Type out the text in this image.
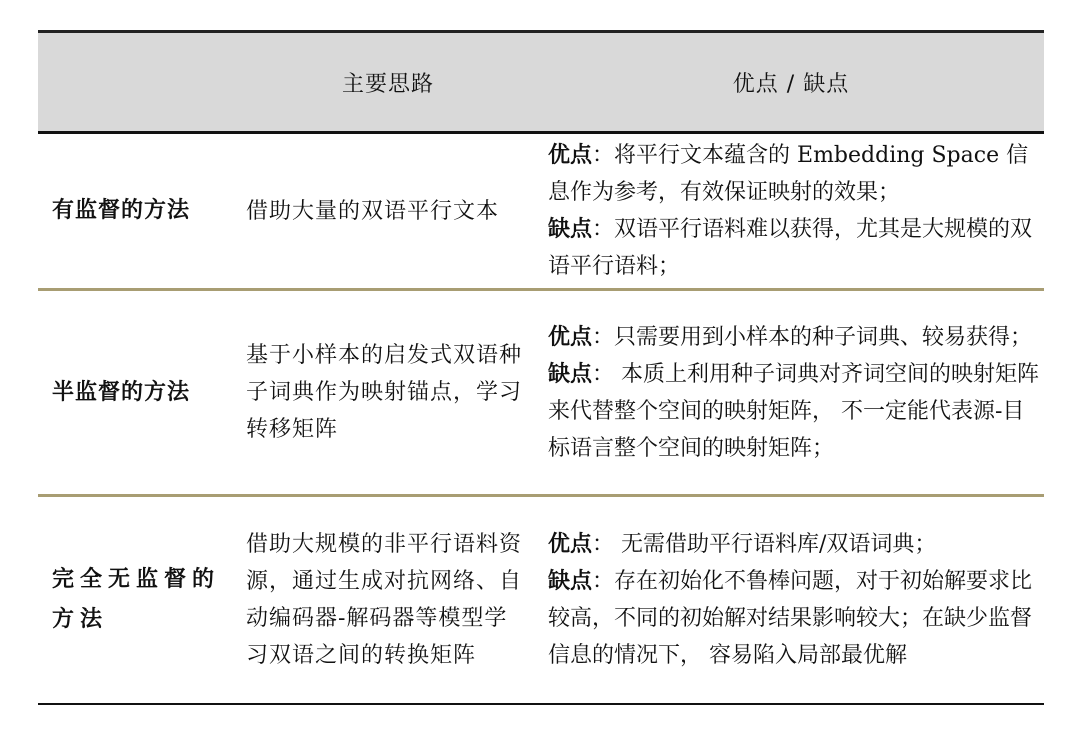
主要思路	优点 / 缺点
有监督的方法	借助大量的双语平行文本
优点：将平行文本蕴含的 Embedding Space 信息作为参考，有效保证映射的效果；
缺点：双语平行语料难以获得，尤其是大规模的双语平行语料；
半监督的方法
基于小样本的启发式双语种子词典作为映射锚点，学习转移矩阵
优点：只需要用到小样本的种子词典、较易获得；
缺点： 本质上利用种子词典对齐词空间的映射矩阵来代替整个空间的映射矩阵， 不一定能代表源-目标语言整个空间的映射矩阵；
完全无监督的方法
借助大规模的非平行语料资源，通过生成对抗网络、自动编码器-解码器等模型学习双语之间的转换矩阵
优点： 无需借助平行语料库/双语词典；
缺点：存在初始化不鲁棒问题，对于初始解要求比较高，不同的初始解对结果影响较大；在缺少监督信息的情况下， 容易陷入局部最优解
